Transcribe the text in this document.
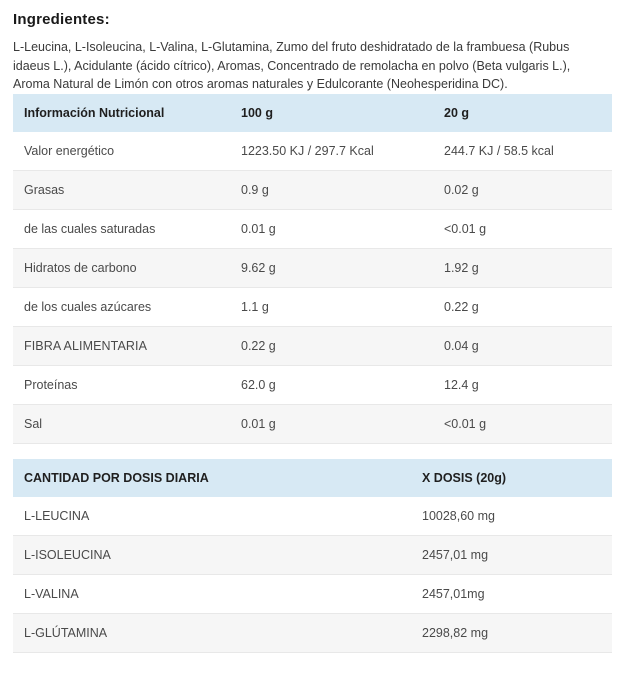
Ingredientes:

L-Leucina, L-Isoleucina, L-Valina, L-Glutamina, Zumo del fruto deshidratado de la frambuesa (Rubus idaeus L.), Acidulante (ácido cítrico), Aromas, Concentrado de remolacha en polvo (Beta vulgaris L.), Aroma Natural de Limón con otros aromas naturales y Edulcorante (Neohesperidina DC).

Información Nutricional	100 g	20 g
Valor energético	1223.50 KJ / 297.7 Kcal	244.7 KJ / 58.5 kcal
Grasas	0.9 g	0.02 g
de las cuales saturadas	0.01 g	<0.01 g
Hidratos de carbono	9.62 g	1.92 g
de los cuales azúcares	1.1 g	0.22 g
FIBRA ALIMENTARIA	0.22 g	0.04 g
Proteínas	62.0 g	12.4 g
Sal	0.01 g	<0.01 g
CANTIDAD POR DOSIS DIARIA	X DOSIS (20g)
L-LEUCINA	10028,60 mg
L-ISOLEUCINA	2457,01 mg
L-VALINA	2457,01mg
L-GLÚTAMINA	2298,82 mg
